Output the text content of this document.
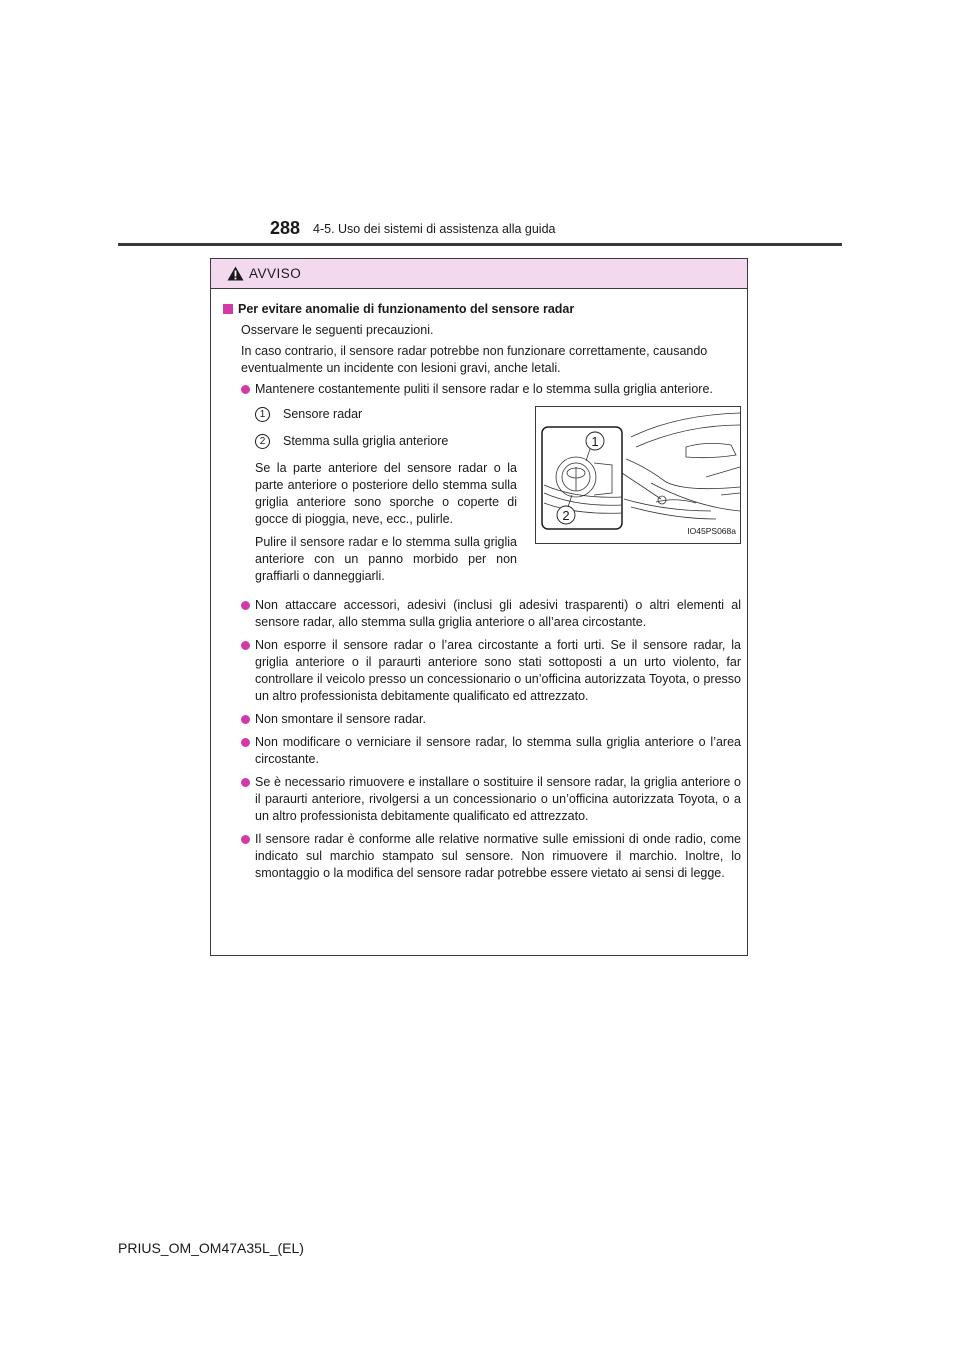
288 4-5. Uso dei sistemi di assistenza alla guida
AVVISO
Per evitare anomalie di funzionamento del sensore radar

Osservare le seguenti precauzioni.

In caso contrario, il sensore radar potrebbe non funzionare correttamente, causando eventualmente un incidente con lesioni gravi, anche letali.

Mantenere costantemente puliti il sensore radar e lo stemma sulla griglia anteriore.
1	Sensore radar
2	Stemma sulla griglia anteriore

Se la parte anteriore del sensore radar o la parte anteriore o posteriore dello stemma sulla griglia anteriore sono sporche o coperte di gocce di pioggia, neve, ecc., pulirle.

Pulire il sensore radar e lo stemma sulla griglia anteriore con un panno morbido per non graffiarli o danneggiarli.

1
2
IO45PS068a
Non attaccare accessori, adesivi (inclusi gli adesivi trasparenti) o altri elementi al sensore radar, allo stemma sulla griglia anteriore o all’area circostante.
Non esporre il sensore radar o l’area circostante a forti urti. Se il sensore radar, la griglia anteriore o il paraurti anteriore sono stati sottoposti a un urto violento, far controllare il veicolo presso un concessionario o un’officina autorizzata Toyota, o presso un altro professionista debitamente qualificato ed attrezzato.
Non smontare il sensore radar.
Non modificare o verniciare il sensore radar, lo stemma sulla griglia anteriore o l’area circostante.
Se è necessario rimuovere e installare o sostituire il sensore radar, la griglia anteriore o il paraurti anteriore, rivolgersi a un concessionario o un’officina autorizzata Toyota, o a un altro professionista debitamente qualificato ed attrezzato.
Il sensore radar è conforme alle relative normative sulle emissioni di onde radio, come indicato sul marchio stampato sul sensore. Non rimuovere il marchio. Inoltre, lo smontaggio o la modifica del sensore radar potrebbe essere vietato ai sensi di legge.
PRIUS_OM_OM47A35L_(EL)
